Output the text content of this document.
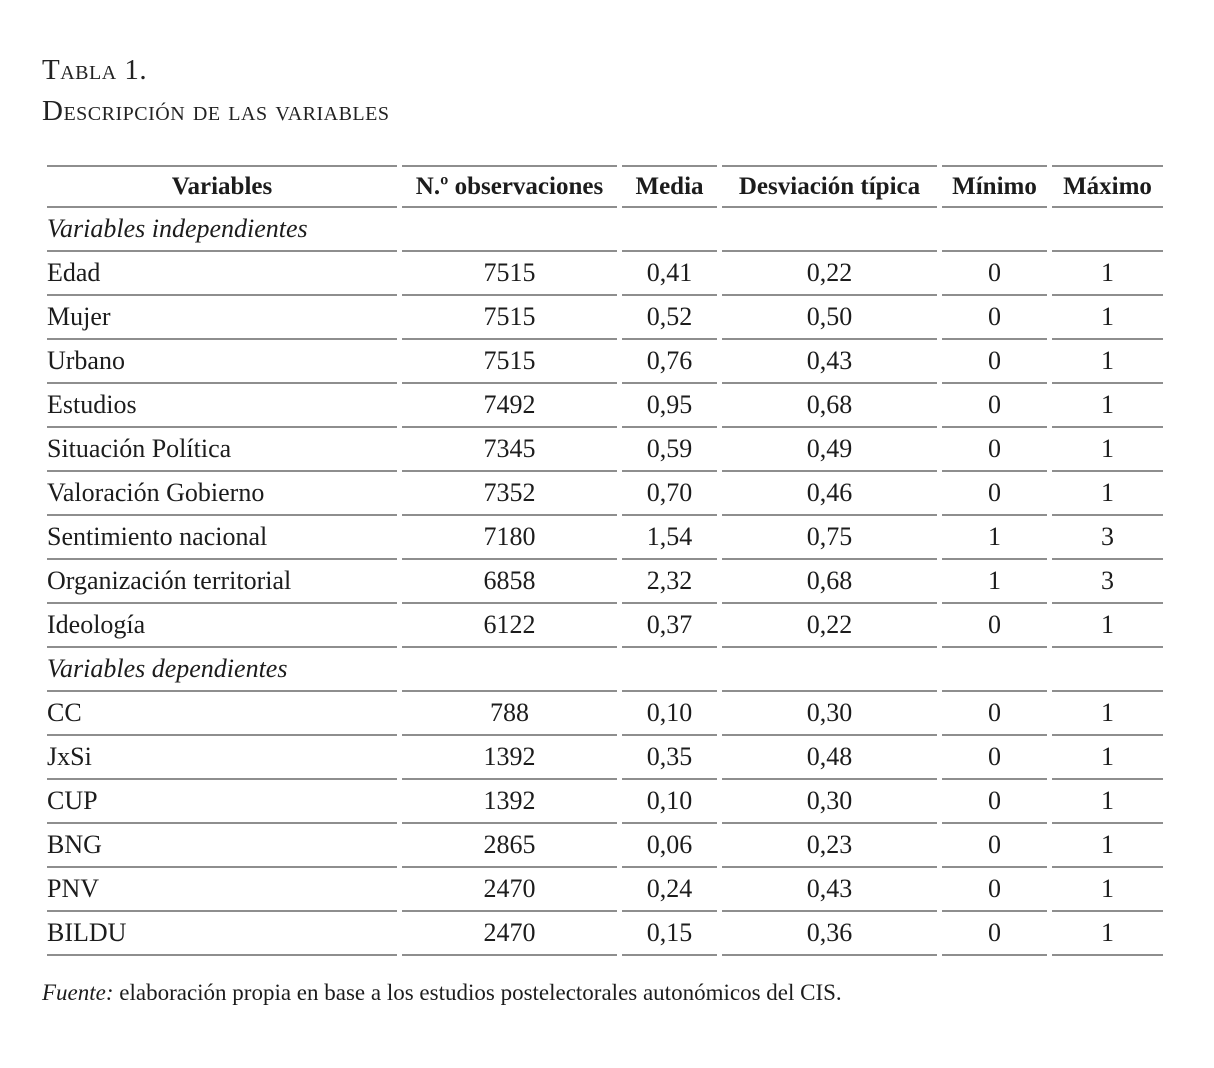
Tabla 1.
Descripción de las variables
Variables	N.º observaciones	Media	Desviación típica	Mínimo	Máximo
Variables independientes					
Edad	7515	0,41	0,22	0	1
Mujer	7515	0,52	0,50	0	1
Urbano	7515	0,76	0,43	0	1
Estudios	7492	0,95	0,68	0	1
Situación Política	7345	0,59	0,49	0	1
Valoración Gobierno	7352	0,70	0,46	0	1
Sentimiento nacional	7180	1,54	0,75	1	3
Organización territorial	6858	2,32	0,68	1	3
Ideología	6122	0,37	0,22	0	1
Variables dependientes					
CC	788	0,10	0,30	0	1
JxSi	1392	0,35	0,48	0	1
CUP	1392	0,10	0,30	0	1
BNG	2865	0,06	0,23	0	1
PNV	2470	0,24	0,43	0	1
BILDU	2470	0,15	0,36	0	1

Fuente: elaboración propia en base a los estudios postelectorales autonómicos del CIS.
